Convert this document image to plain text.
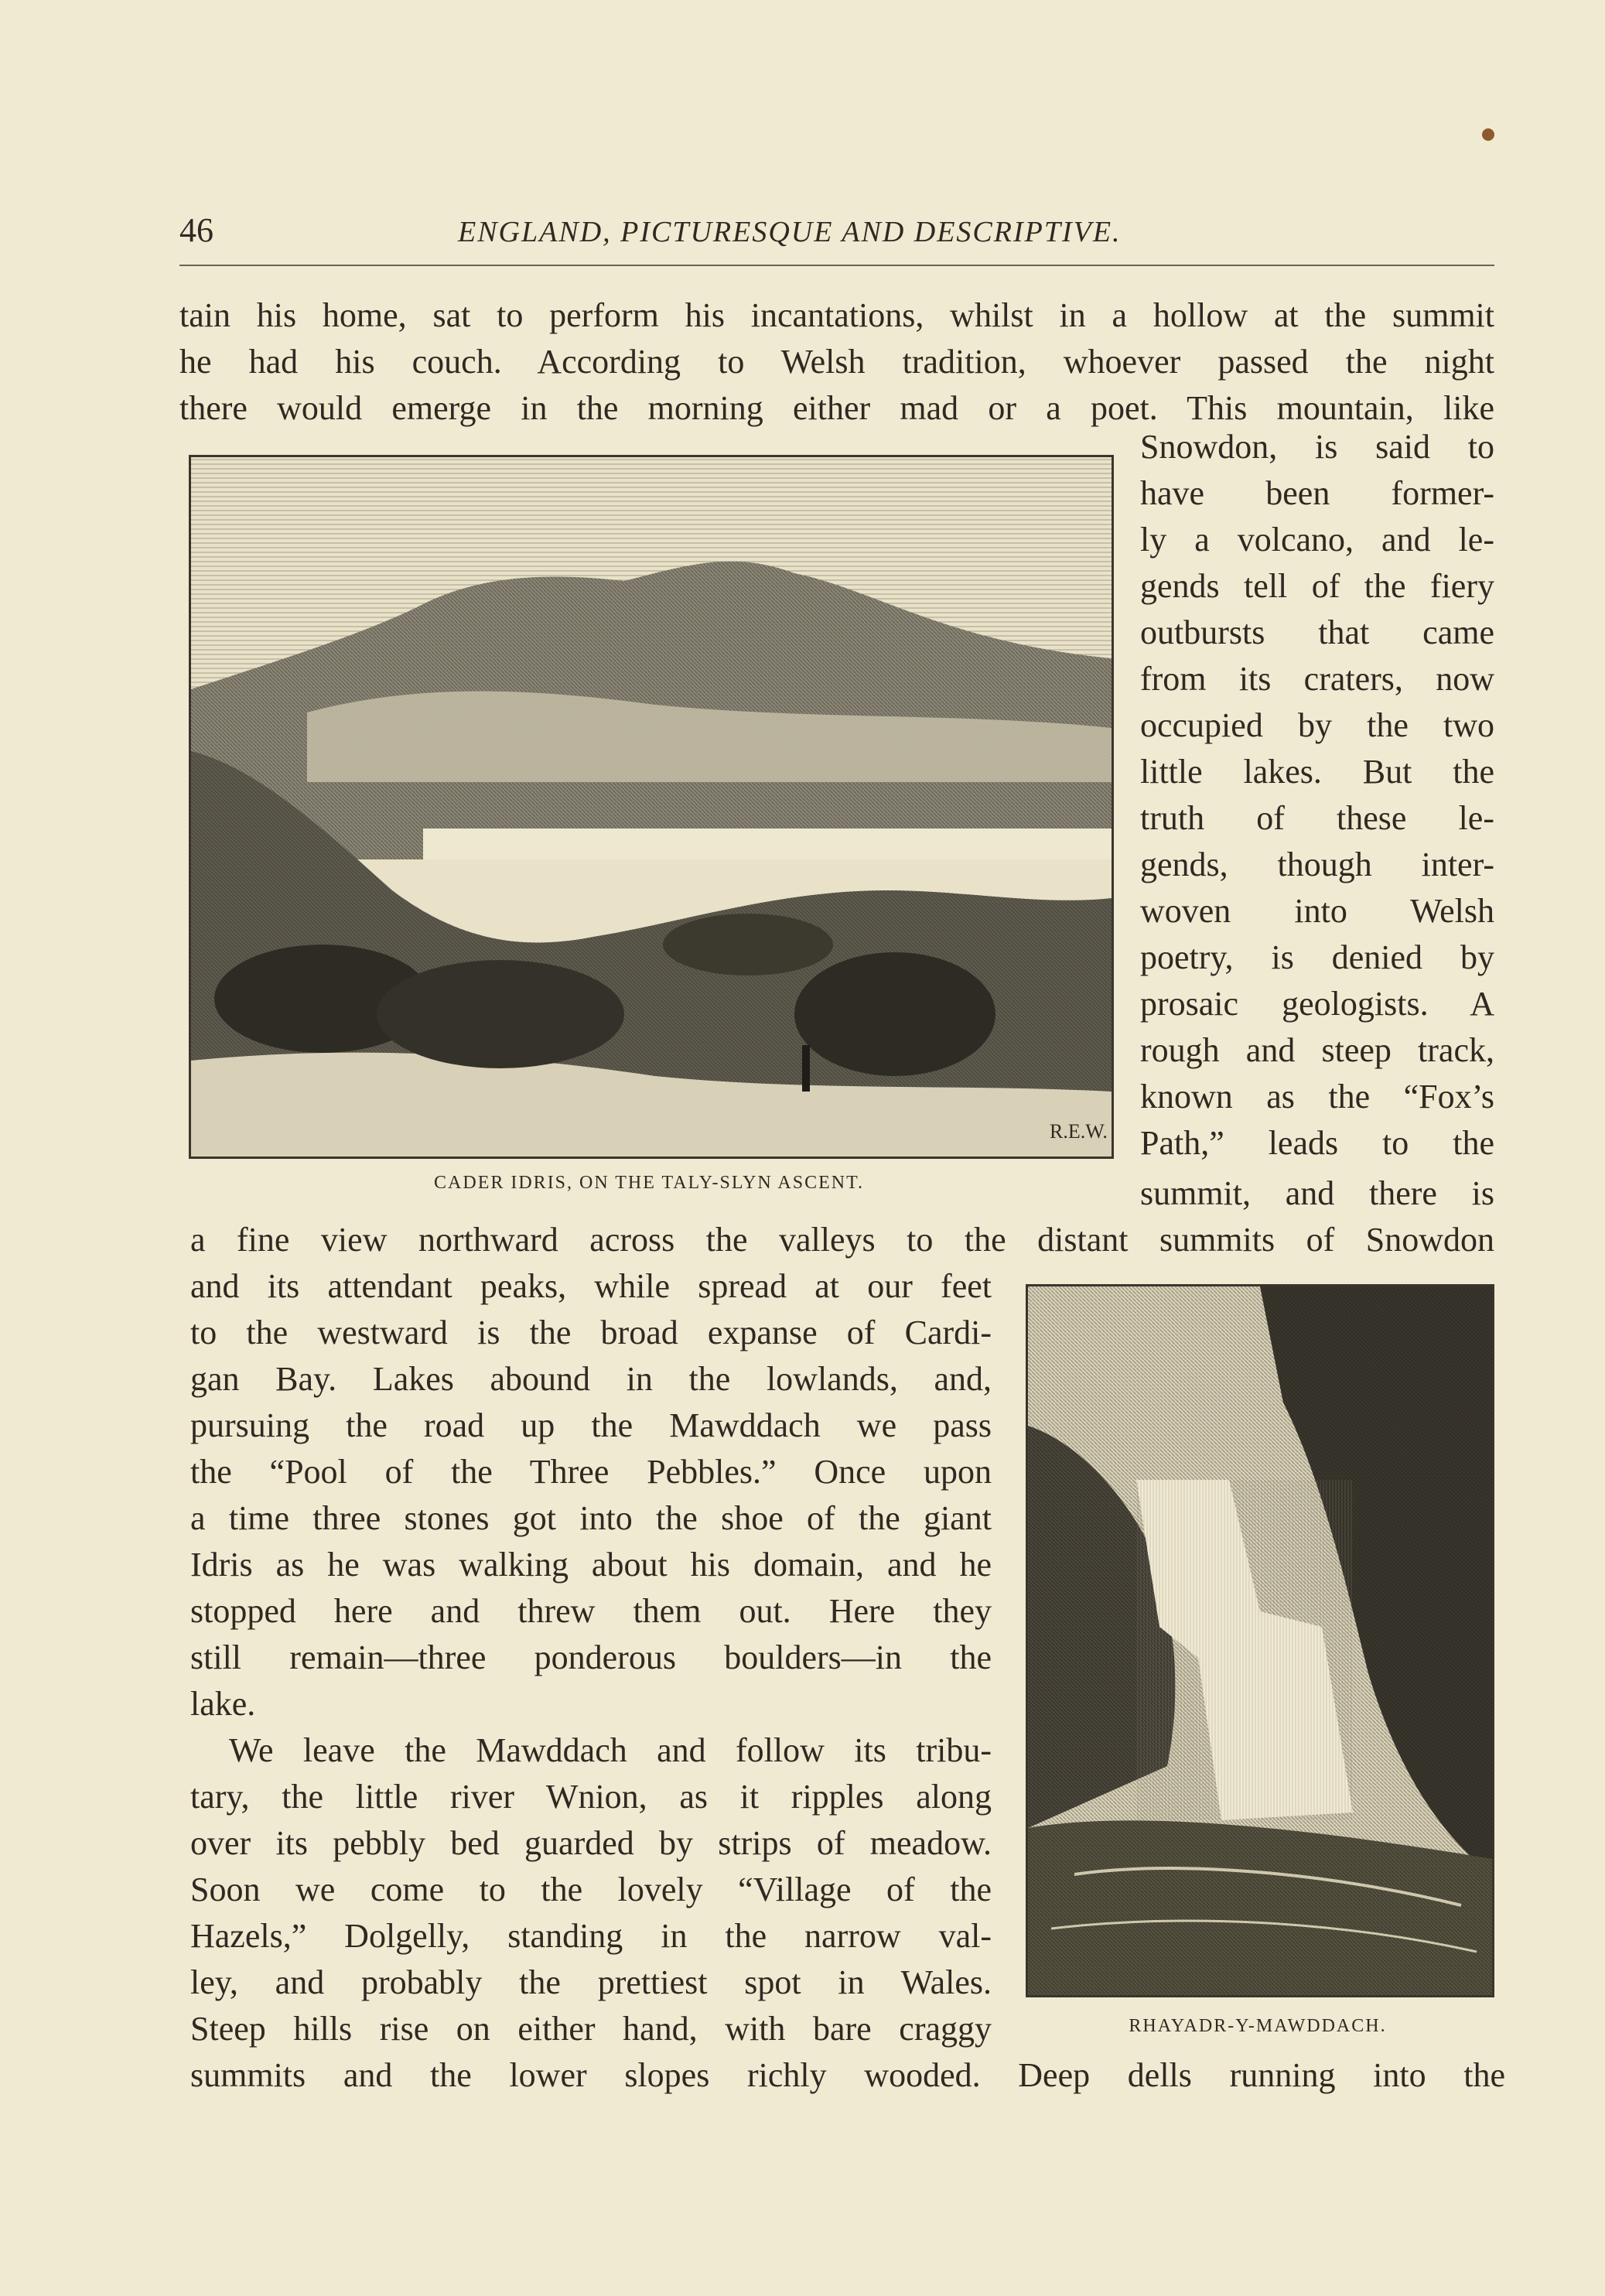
46	ENGLAND, PICTURESQUE AND DESCRIPTIVE.
tain his home, sat to perform his incantations, whilst in a hollow at the summit
he had his couch. According to Welsh tradition, whoever passed the night
there would emerge in the morning either mad or a poet. This mountain, like
Snowdon, is said to
have been former-
ly a volcano, and le-
gends tell of the fiery
outbursts that came
from its craters, now
occupied by the two
little lakes. But the
truth of these le-
gends, though inter-
woven into Welsh
poetry, is denied by
prosaic geologists. A
rough and steep track,
known as the “Fox’s
Path,” leads to the
summit, and there is
a fine view northward across the valleys to the distant summits of Snowdon
and its attendant peaks, while spread at our feet
to the westward is the broad expanse of Cardi-
gan Bay. Lakes abound in the lowlands, and,
pursuing the road up the Mawddach we pass
the “Pool of the Three Pebbles.” Once upon
a time three stones got into the shoe of the giant
Idris as he was walking about his domain, and he
stopped here and threw them out. Here they
still remain—three ponderous boulders—in the
lake.
We leave the Mawddach and follow its tribu-
tary, the little river Wnion, as it ripples along
over its pebbly bed guarded by strips of meadow.
Soon we come to the lovely “Village of the
Hazels,” Dolgelly, standing in the narrow val-
ley, and probably the prettiest spot in Wales.
Steep hills rise on either hand, with bare craggy
summits and the lower slopes richly wooded. Deep dells running into the
R.E.W.
CADER IDRIS, ON THE TALY-SLYN ASCENT.
RHAYADR-Y-MAWDDACH.
